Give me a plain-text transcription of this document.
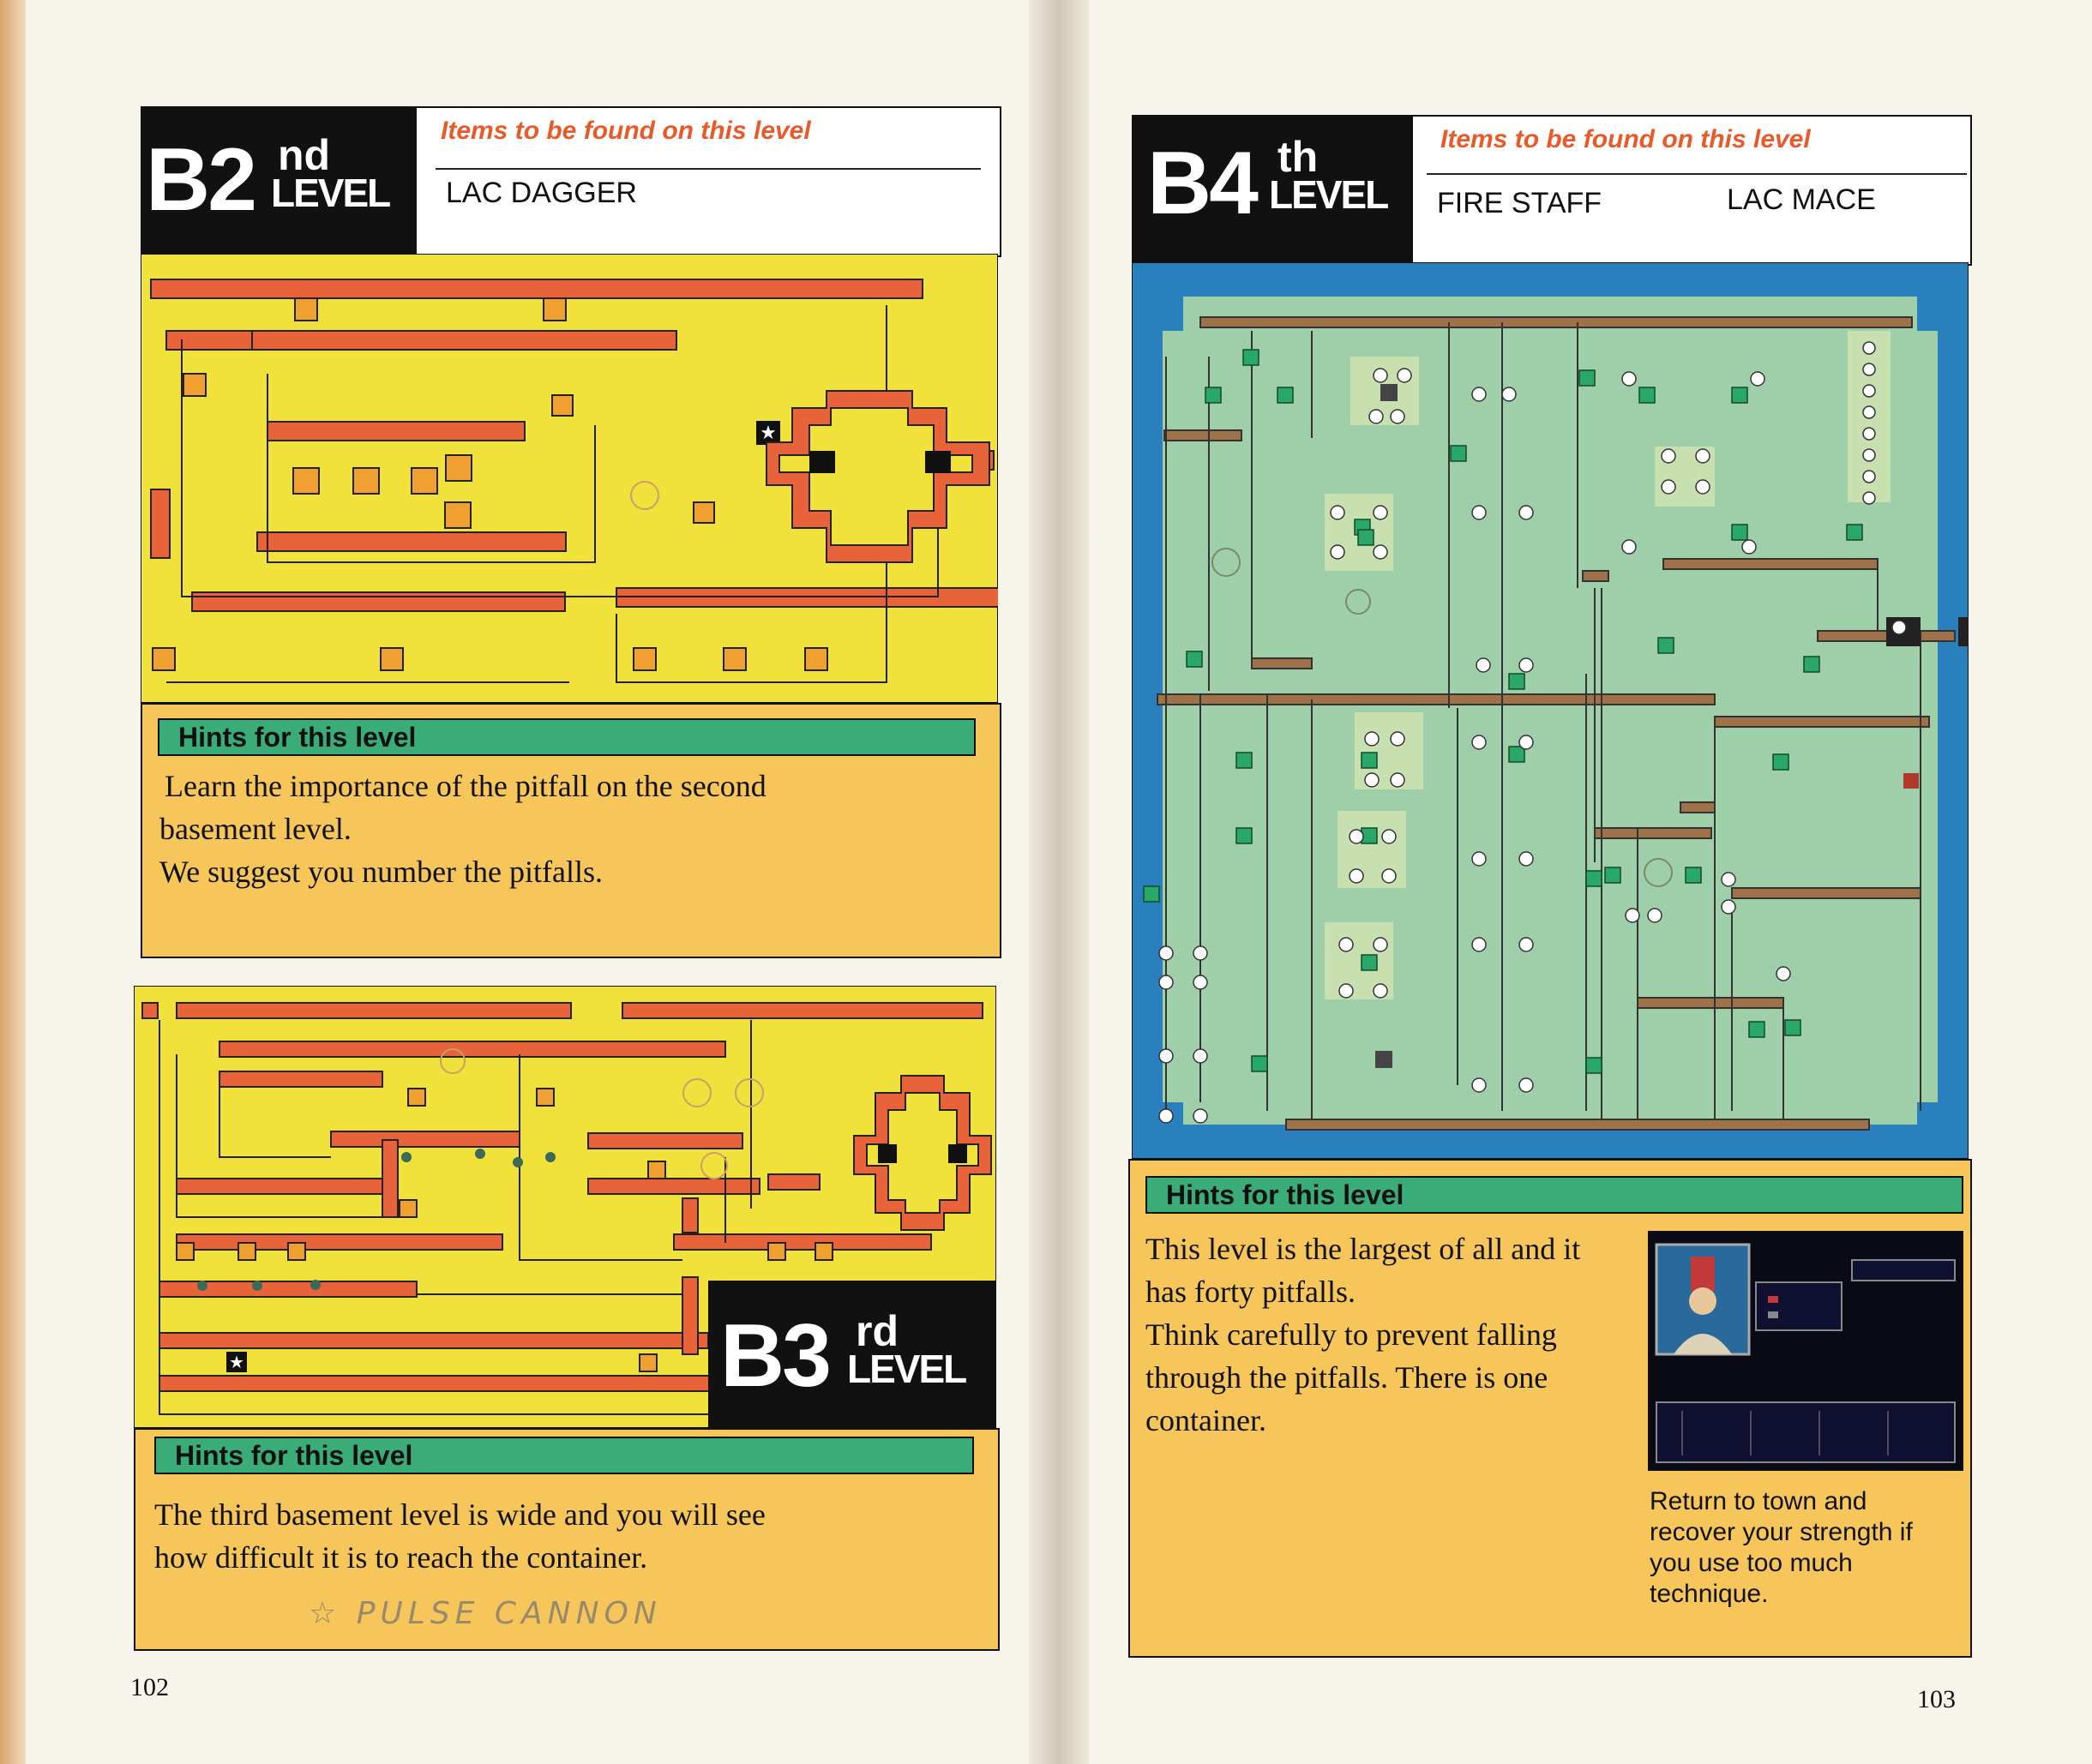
B2 nd
LEVEL
Items to be found on this level
LAC DAGGER
★
Hints for this level
Learn the importance of the pitfall on the second
basement level.
We suggest you number the pitfalls.
★	B3 rd
LEVEL
Hints for this level
The third basement level is wide and you will see
how difficult it is to reach the container.
☆ PULSE CANNON
102
B4 th
LEVEL
Items to be found on this level
FIRE STAFF	LAC MACE
Hints for this level
This level is the largest of all and it
has forty pitfalls.
Think carefully to prevent falling
through the pitfalls. There is one
container.
Return to town and
recover your strength if
you use too much
technique.
103
